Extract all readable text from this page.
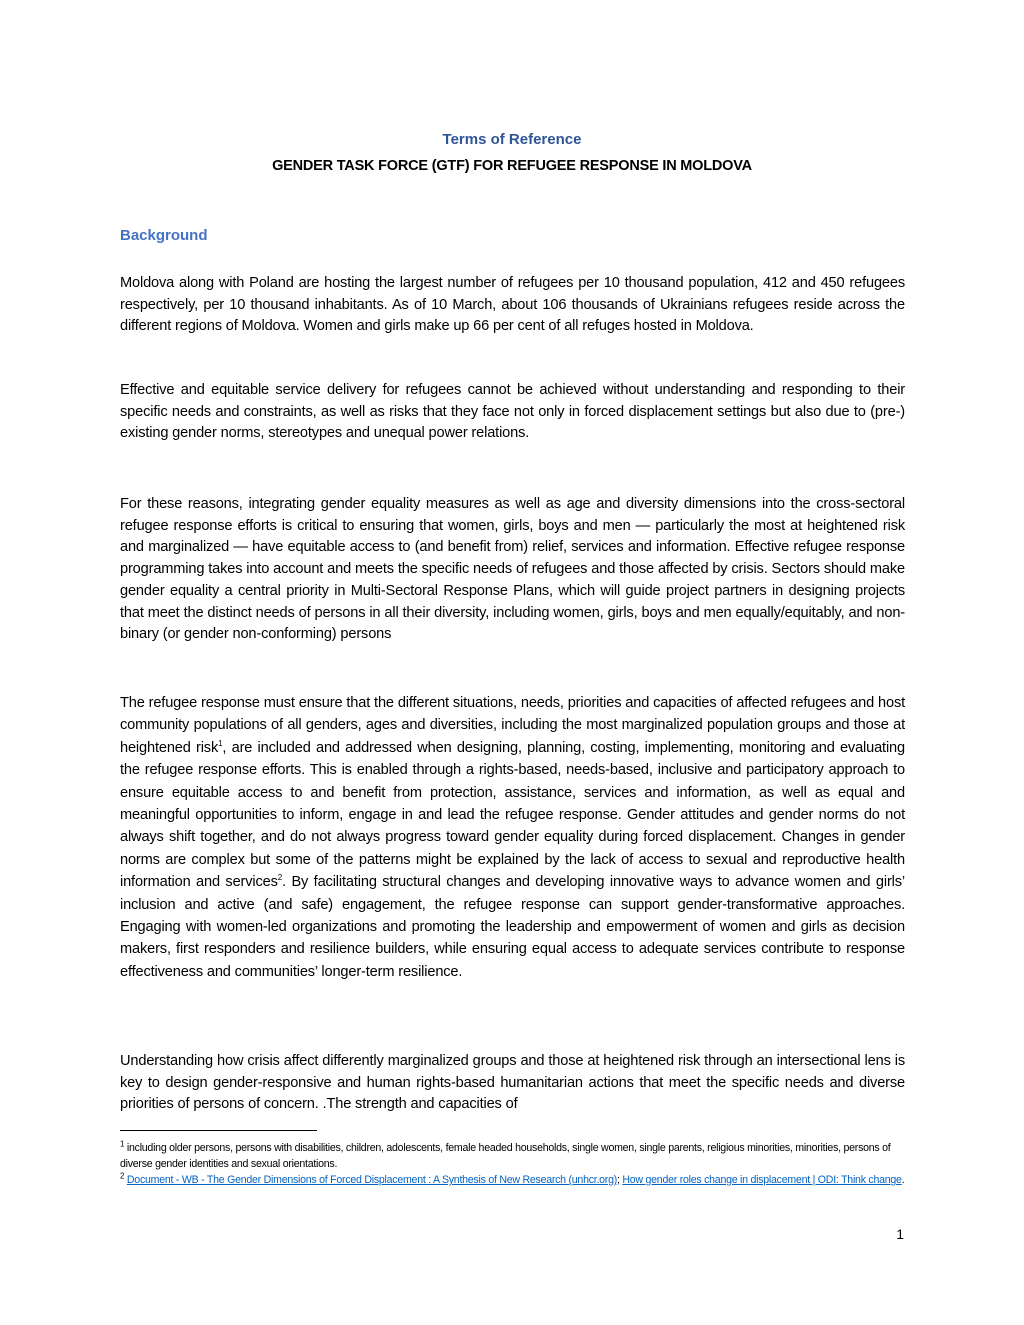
Terms of Reference
GENDER TASK FORCE (GTF) FOR REFUGEE RESPONSE IN MOLDOVA
Background

Moldova along with Poland are hosting the largest number of refugees per 10 thousand population, 412 and 450 refugees respectively, per 10 thousand inhabitants. As of 10 March, about 106 thousands of Ukrainians refugees reside across the different regions of Moldova. Women and girls make up 66 per cent of all refuges hosted in Moldova.

Effective and equitable service delivery for refugees cannot be achieved without understanding and responding to their specific needs and constraints, as well as risks that they face not only in forced displacement settings but also due to (pre-) existing gender norms, stereotypes and unequal power relations.

For these reasons, integrating gender equality measures as well as age and diversity dimensions into the cross-sectoral refugee response efforts is critical to ensuring that women, girls, boys and men — particularly the most at heightened risk and marginalized — have equitable access to (and benefit from) relief, services and information. Effective refugee response programming takes into account and meets the specific needs of refugees and those affected by crisis. Sectors should make gender equality a central priority in Multi-Sectoral Response Plans, which will guide project partners in designing projects that meet the distinct needs of persons in all their diversity, including women, girls, boys and men equally/equitably, and non-binary (or gender non-conforming) persons

The refugee response must ensure that the different situations, needs, priorities and capacities of affected refugees and host community populations of all genders, ages and diversities, including the most marginalized population groups and those at heightened risk$^1$, are included and addressed when designing, planning, costing, implementing, monitoring and evaluating the refugee response efforts. This is enabled through a rights-based, needs-based, inclusive and participatory approach to ensure equitable access to and benefit from protection, assistance, services and information, as well as equal and meaningful opportunities to inform, engage in and lead the refugee response. Gender attitudes and gender norms do not always shift together, and do not always progress toward gender equality during forced displacement. Changes in gender norms are complex but some of the patterns might be explained by the lack of access to sexual and reproductive health information and services$^2$. By facilitating structural changes and developing innovative ways to advance women and girls’ inclusion and active (and safe) engagement, the refugee response can support gender-transformative approaches. Engaging with women-led organizations and promoting the leadership and empowerment of women and girls as decision makers, first responders and resilience builders, while ensuring equal access to adequate services contribute to response effectiveness and communities’ longer-term resilience.

Understanding how crisis affect differently marginalized groups and those at heightened risk through an intersectional lens is key to design gender-responsive and human rights-based humanitarian actions that meet the specific needs and diverse priorities of persons of concern. .The strength and capacities of

$^1$ including older persons, persons with disabilities, children, adolescents, female headed households, single women, single parents, religious minorities, minorities, persons of diverse gender identities and sexual orientations.

$^2$ Document - WB - The Gender Dimensions of Forced Displacement : A Synthesis of New Research (unhcr.org); How gender roles change in displacement | ODI: Think change.

1
